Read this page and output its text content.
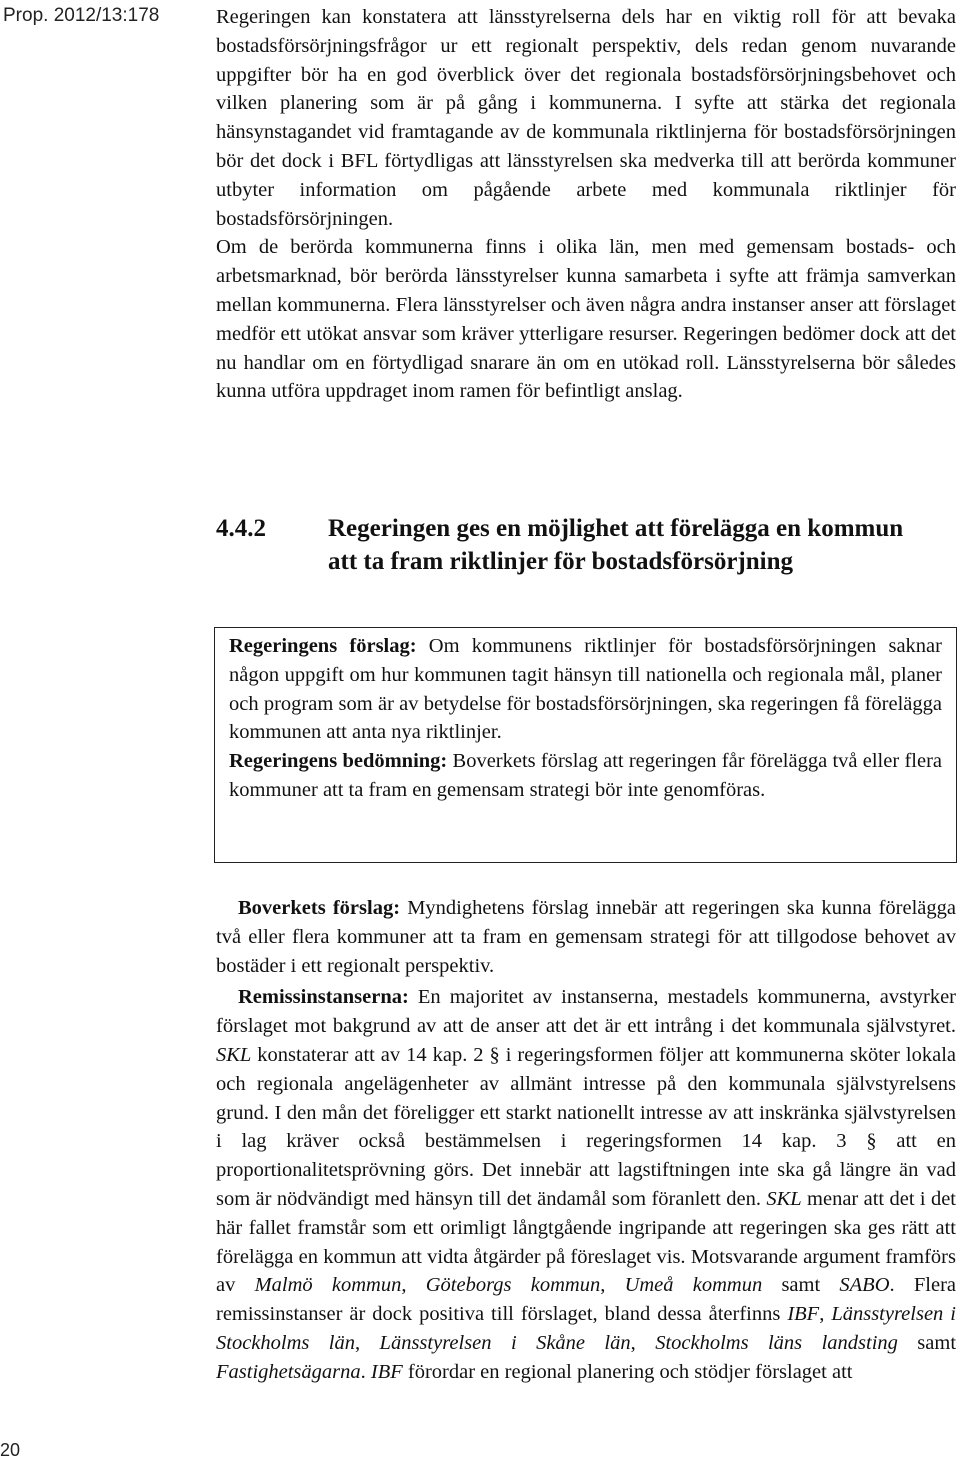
Prop. 2012/13:178	Regeringen kan konstatera att länsstyrelserna dels har en viktig roll för att bevaka bostadsförsörjningsfrågor ur ett regionalt perspektiv, dels redan genom nuvarande uppgifter bör ha en god överblick över det regionala bostadsförsörjningsbehovet och vilken planering som är på gång i kommunerna. I syfte att stärka det regionala hänsynstagandet vid framtagande av de kommunala riktlinjerna för bostadsförsörjningen bör det dock i BFL förtydligas att länsstyrelsen ska medverka till att berörda kommuner utbyter information om pågående arbete med kommunala riktlinjer för bostadsförsörjningen.

Om de berörda kommunerna finns i olika län, men med gemensam bostads- och arbetsmarknad, bör berörda länsstyrelser kunna samarbeta i syfte att främja samverkan mellan kommunerna. Flera länsstyrelser och även några andra instanser anser att förslaget medför ett utökat ansvar som kräver ytterligare resurser. Regeringen bedömer dock att det nu handlar om en förtydligad snarare än om en utökad roll. Länsstyrelserna bör således kunna utföra uppdraget inom ramen för befintligt anslag.

4.4.2 Regeringen ges en möjlighet att förelägga en kommun att ta fram riktlinjer för bostadsförsörjning

Regeringens förslag: Om kommunens riktlinjer för bostadsförsörjningen saknar någon uppgift om hur kommunen tagit hänsyn till nationella och regionala mål, planer och program som är av betydelse för bostadsförsörjningen, ska regeringen få förelägga kommunen att anta nya riktlinjer.

Regeringens bedömning: Boverkets förslag att regeringen får förelägga två eller flera kommuner att ta fram en gemensam strategi bör inte genomföras.

Boverkets förslag: Myndighetens förslag innebär att regeringen ska kunna förelägga två eller flera kommuner att ta fram en gemensam strategi för att tillgodose behovet av bostäder i ett regionalt perspektiv.

Remissinstanserna: En majoritet av instanserna, mestadels kommunerna, avstyrker förslaget mot bakgrund av att de anser att det är ett intrång i det kommunala självstyret. SKL konstaterar att av 14 kap. 2 § i regeringsformen följer att kommunerna sköter lokala och regionala angelägenheter av allmänt intresse på den kommunala självstyrelsens grund. I den mån det föreligger ett starkt nationellt intresse av att inskränka självstyrelsen i lag kräver också bestämmelsen i regeringsformen 14 kap. 3 § att en proportionalitetsprövning görs. Det innebär att lagstiftningen inte ska gå längre än vad som är nödvändigt med hänsyn till det ändamål som föranlett den. SKL menar att det i det här fallet framstår som ett orimligt långtgående ingripande att regeringen ska ges rätt att förelägga en kommun att vidta åtgärder på föreslaget vis. Motsvarande argument framförs av Malmö kommun, Göteborgs kommun, Umeå kommun samt SABO. Flera remissinstanser är dock positiva till förslaget, bland dessa återfinns IBF, Länsstyrelsen i Stockholms län, Länsstyrelsen i Skåne län, Stockholms läns landsting samt Fastighetsägarna. IBF förordar en regional planering och stödjer förslaget att

20
